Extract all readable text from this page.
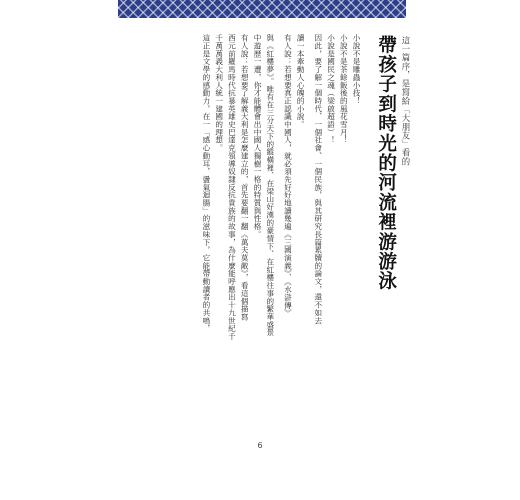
這一篇序，是寫給「大朋友」看的
帶孩子到時光的河流裡游游泳
小說不是雕蟲小技！
小說不是茶餘飯後的風花雪月！
小說是國民之魂（梁啟超語）！
因此，要了解一個時代、一個社會、一個民族，與其研究長篇累牘的論文，還不如去
讀一本牽動人心魄的小說。
有人說：若想要真正認識中國人，就必須先好好地讀幾遍《三國演義》、《水滸傳》
與《紅樓夢》。唯有在三分天下的縱橫裡、在梁山好漢的豪情下、在紅樓往事的繁華盛景
中遊歷一遭，你才能體會出中國人獨樹一格的特質與性格。
有人說：若想要了解義大利是怎麼建立的，首先要翻一翻《萬夫莫敵》，看這個描寫
西元前羅馬時代抗暴英雄史巴達克領導奴隸反抗貴族的故事，為什麼能呼應出十九世紀千
千萬萬義大利人統一建國的理想。
這正是文學的感動力，在一「感心動耳，盪氣迴腸」的滋味下，它能帶動讀者的共鳴，
6
